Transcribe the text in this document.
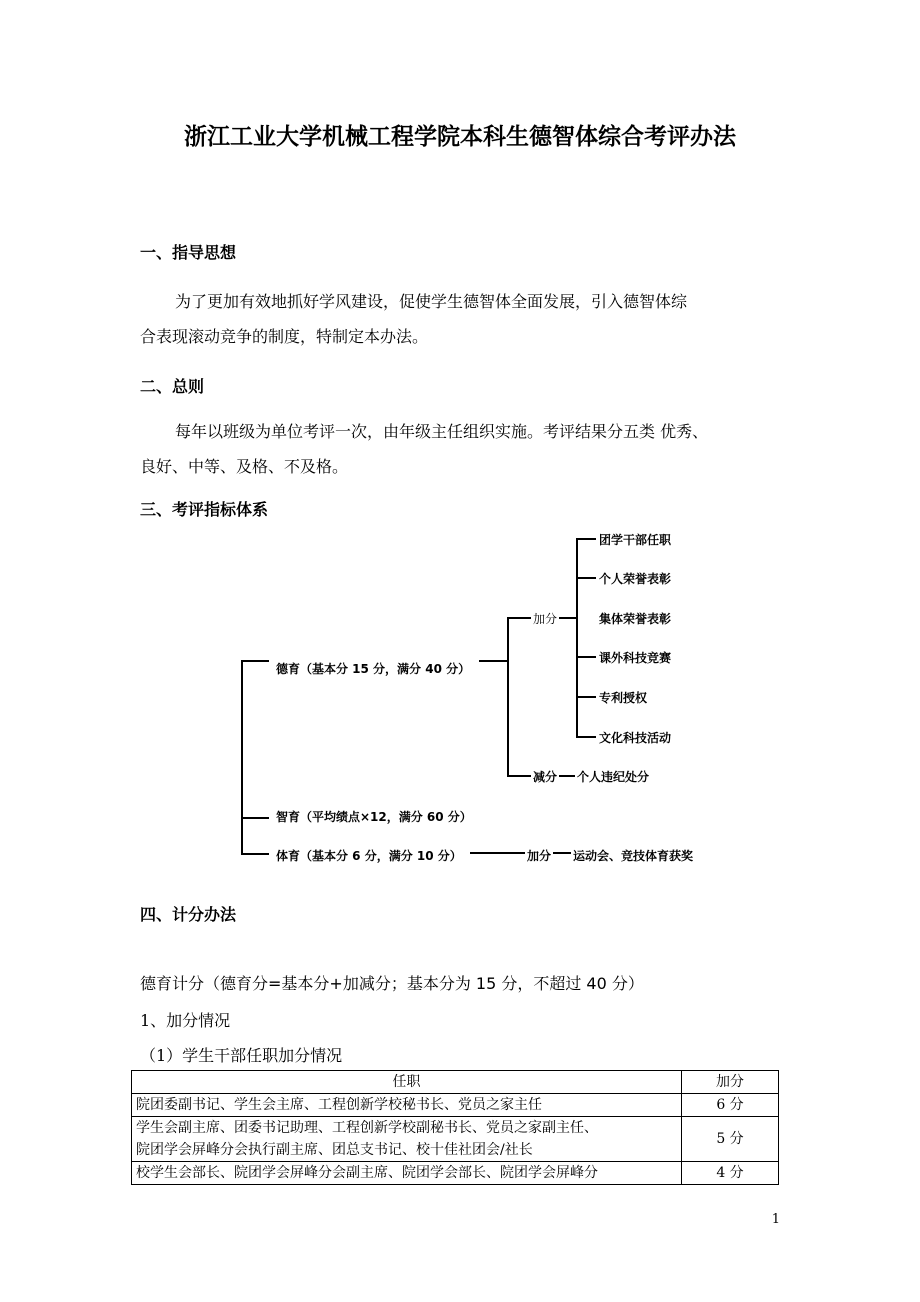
浙江工业大学机械工程学院本科生德智体综合考评办法
一、指导思想
为了更加有效地抓好学风建设，促使学生德智体全面发展，引入德智体综
合表现滚动竞争的制度，特制定本办法。
二、总则
每年以班级为单位考评一次，由年级主任组织实施。考评结果分五类 优秀、
良好、中等、及格、不及格。
三、考评指标体系
德育（基本分 15 分，满分 40 分）
智育（平均绩点×12，满分 60 分）
体育（基本分 6 分，满分 10 分）
加分
减分
团学干部任职
个人荣誉表彰
集体荣誉表彰
课外科技竞赛
专利授权
文化科技活动
个人违纪处分
加分 运动会、竞技体育获奖
四、计分办法
德育计分（德育分=基本分+加减分；基本分为 15 分，不超过 40 分）
1、加分情况
（1）学生干部任职加分情况
任职	加分
院团委副书记、学生会主席、工程创新学校秘书长、党员之家主任	6 分

学生会副主席、团委书记助理、工程创新学校副秘书长、党员之家副主任、
院团学会屏峰分会执行副主席、团总支书记、校十佳社团会/社长	5 分
校学生会部长、院团学会屏峰分会副主席、院团学会部长、院团学会屏峰分	4 分
1
